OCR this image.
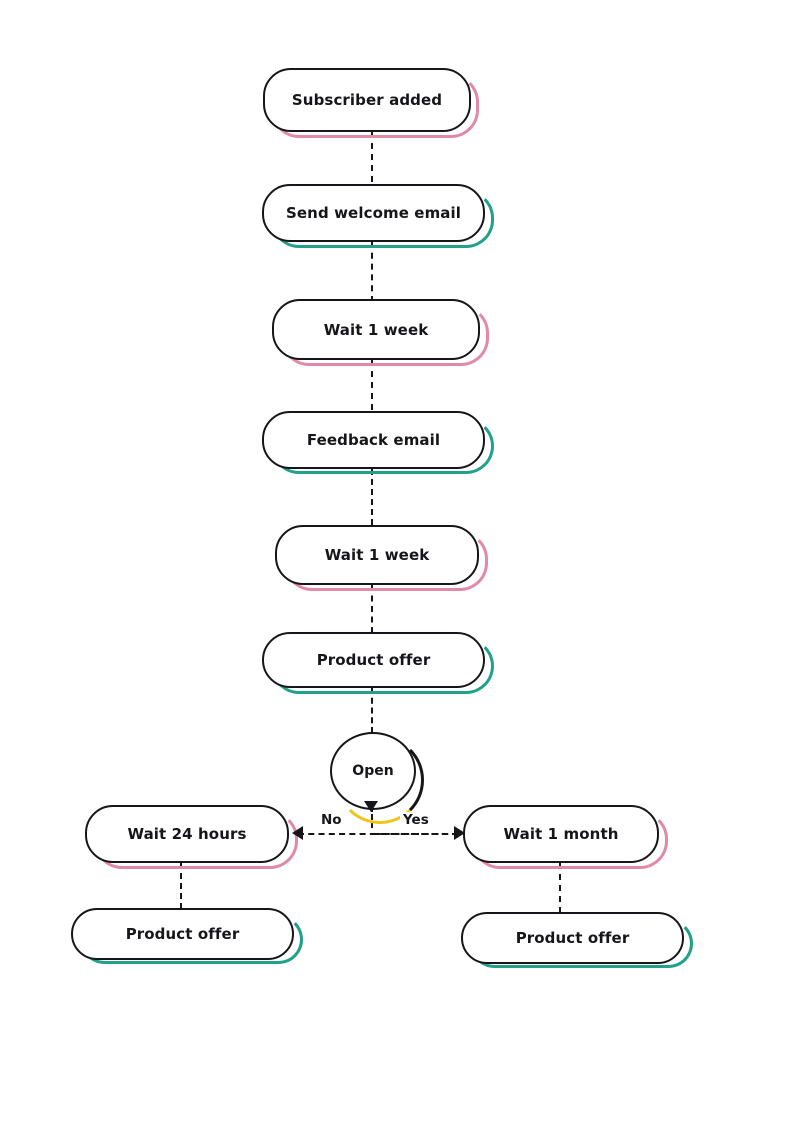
Subscriber added
Send welcome email
Wait 1 week
Feedback email
Wait 1 week
Product offer
Open
No	Yes
Wait 24 hours
Product offer
Wait 1 month
Product offer
